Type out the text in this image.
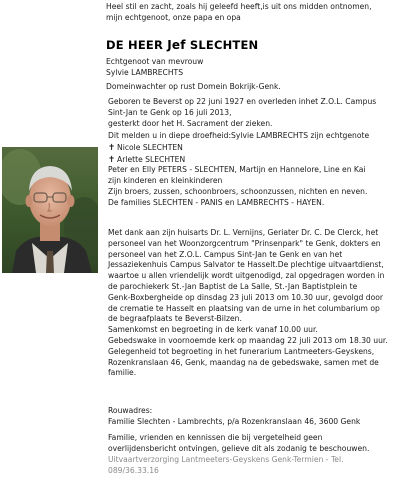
Heel stil en zacht, zoals hij geleefd heeft,is uit ons midden ontnomen,
mijn echtgenoot, onze papa en opa
DE HEER Jef SLECHTEN
Echtgenoot van mevrouw
Sylvie LAMBRECHTS
Domeinwachter op rust Domein Bokrijk-Genk.
Geboren te Beverst op 22 juni 1927 en overleden inhet Z.O.L. Campus
Sint-Jan te Genk op 16 juli 2013,
gesterkt door het H. Sacrament der zieken.
Dit melden u in diepe droefheid:Sylvie LAMBRECHTS zijn echtgenote
✝ Nicole SLECHTEN
✝ Arlette SLECHTEN
Peter en Elly PETERS - SLECHTEN, Martijn en Hannelore, Line en Kai
zijn kinderen en kleinkinderen
Zijn broers, zussen, schoonbroers, schoonzussen, nichten en neven.
De families SLECHTEN - PANIS en LAMBRECHTS - HAYEN.
Met dank aan zijn huisarts Dr. L. Vernijns, Geriater Dr. C. De Clerck, het
personeel van het Woonzorgcentrum "Prinsenpark" te Genk, dokters en
personeel van het Z.O.L. Campus Sint-Jan te Genk en van het
Jessaziekenhuis Campus Salvator te Hasselt.De plechtige uitvaartdienst,
waartoe u allen vriendelijk wordt uitgenodigd, zal opgedragen worden in
de parochiekerk St.-Jan Baptist de La Salle, St.-Jan Baptistplein te
Genk-Boxbergheide op dinsdag 23 juli 2013 om 10.30 uur, gevolgd door
de crematie te Hasselt en plaatsing van de urne in het columbarium op
de begraafplaats te Beverst-Bilzen.
Samenkomst en begroeting in de kerk vanaf 10.00 uur.
Gebedswake in voornoemde kerk op maandag 22 juli 2013 om 18.30 uur.
Gelegenheid tot begroeting in het funerarium Lantmeeters-Geyskens,
Rozenkranslaan 46, Genk, maandag na de gebedswake, samen met de
familie.
Rouwadres:
Familie Slechten - Lambrechts, p/a Rozenkranslaan 46, 3600 Genk
Familie, vrienden en kennissen die bij vergetelheid geen
overlijdensbericht ontvingen, gelieve dit als zodanig te beschouwen.
Uitvaartverzorging Lantmeeters-Geyskens Genk-Termien - Tel.
089/36.33.16
